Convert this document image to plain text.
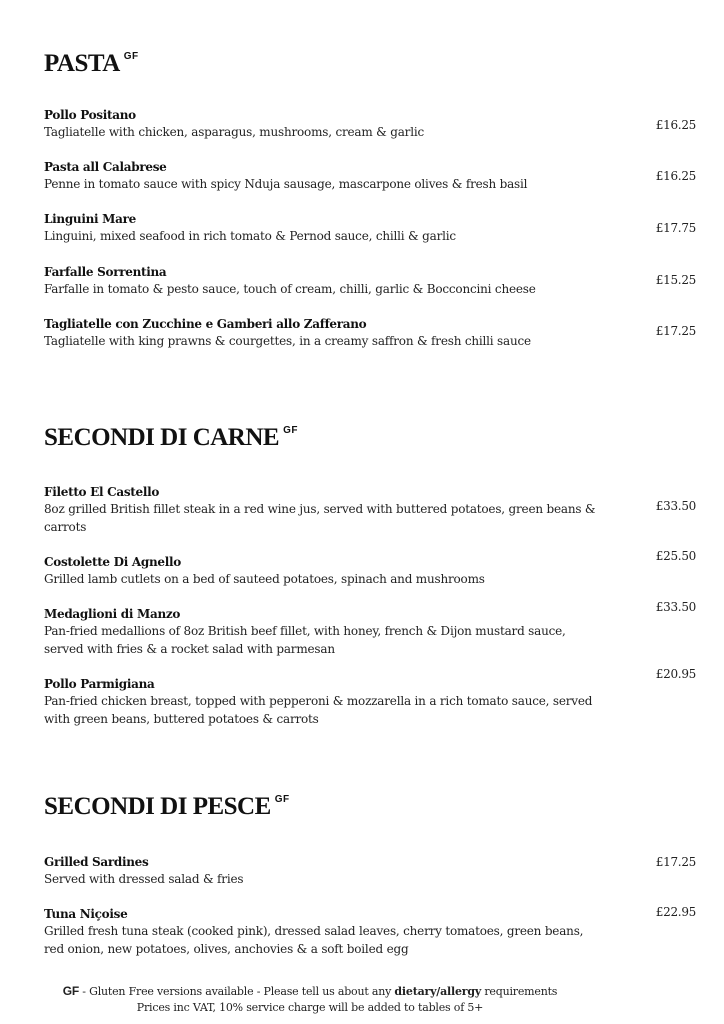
PASTA $^{GF}$
Pollo Positano
Tagliatelle with chicken, asparagus, mushrooms, cream & garlic	£16.25
Pasta all Calabrese
Penne in tomato sauce with spicy Nduja sausage, mascarpone olives & fresh basil
£16.25
Linguini Mare
Linguini, mixed seafood in rich tomato & Pernod sauce, chilli & garlic
£17.75
Farfalle Sorrentina
Farfalle in tomato & pesto sauce, touch of cream, chilli, garlic & Bocconcini cheese
£15.25
Tagliatelle con Zucchine e Gamberi allo Zafferano
Tagliatelle with king prawns & courgettes, in a creamy saffron & fresh chilli sauce
£17.25
SECONDI DI CARNE $^{GF}$
Filetto El Castello
8oz grilled British fillet steak in a red wine jus, served with buttered potatoes, green beans & carrots
£33.50
Costolette Di Agnello
Grilled lamb cutlets on a bed of sauteed potatoes, spinach and mushrooms
£25.50
Medaglioni di Manzo
Pan-fried medallions of 8oz British beef fillet, with honey, french & Dijon mustard sauce, served with fries & a rocket salad with parmesan
£33.50
Pollo Parmigiana
Pan-fried chicken breast, topped with pepperoni & mozzarella in a rich tomato sauce, served with green beans, buttered potatoes & carrots
£20.95
SECONDI DI PESCE $^{GF}$
Grilled Sardines
Served with dressed salad & fries
£17.25
Tuna Niçoise
Grilled fresh tuna steak (cooked pink), dressed salad leaves, cherry tomatoes, green beans, red onion, new potatoes, olives, anchovies & a soft boiled egg
£22.95
GF - Gluten Free versions available - Please tell us about any dietary/allergy requirements
Prices inc VAT, 10% service charge will be added to tables of 5+
